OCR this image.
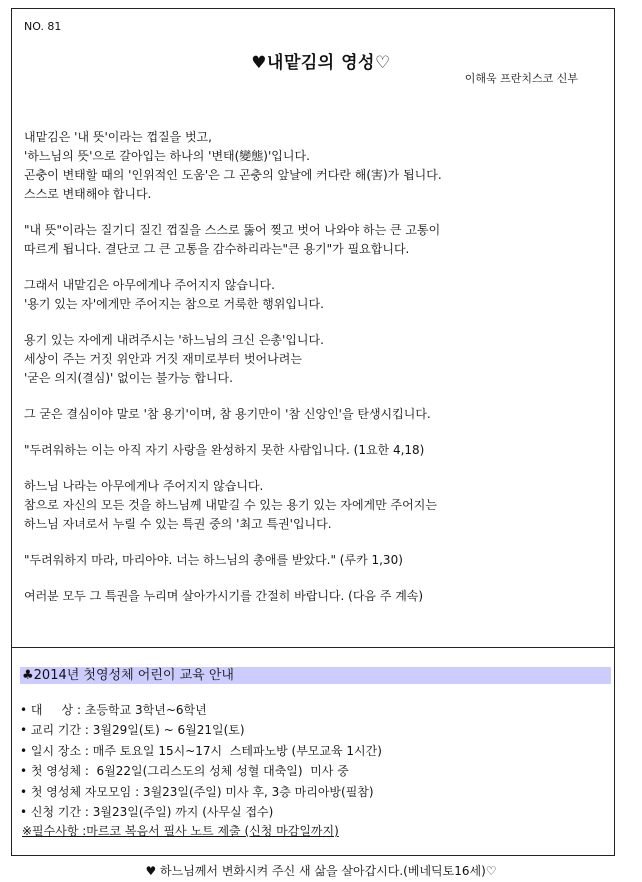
NO. 81
♥내맡김의 영성♡
이해욱 프란치스코 신부
내맡김은 '내 뜻'이라는 껍질을 벗고,
'하느님의 뜻'으로 갈아입는 하나의 '변태(變態)'입니다.
곤충이 변태할 때의 '인위적인 도움'은 그 곤충의 앞날에 커다란 해(害)가 됩니다.
스스로 변태해야 합니다.
"내 뜻"이라는 질기디 질긴 껍질을 스스로 뚫어 찢고 벗어 나와야 하는 큰 고통이
따르게 됩니다. 결단코 그 큰 고통을 감수하리라는"큰 용기"가 필요합니다.
그래서 내맡김은 아무에게나 주어지지 않습니다.
'용기 있는 자'에게만 주어지는 참으로 거룩한 행위입니다.
용기 있는 자에게 내려주시는 '하느님의 크신 은총'입니다.
세상이 주는 거짓 위안과 거짓 재미로부터 벗어나려는
'굳은 의지(결심)' 없이는 불가능 합니다.
그 굳은 결심이야 말로 '참 용기'이며, 참 용기만이 '참 신앙인'을 탄생시킵니다.
"두려워하는 이는 아직 자기 사랑을 완성하지 못한 사람입니다. (1요한 4,18)
하느님 나라는 아무에게나 주어지지 않습니다.
참으로 자신의 모든 것을 하느님께 내맡길 수 있는 용기 있는 자에게만 주어지는
하느님 자녀로서 누릴 수 있는 특권 중의 '최고 특권'입니다.
"두려워하지 마라, 마리아야. 너는 하느님의 총애를 받았다." (루카 1,30)
여러분 모두 그 특권을 누리며 살아가시기를 간절히 바랍니다. (다음 주 계속)
♣2014년 첫영성체 어린이 교육 안내
• 대     상 : 초등학교 3학년~6학년
• 교리 기간 : 3월29일(토) ~ 6월21일(토)
• 일시 장소 : 매주 토요일 15시~17시  스테파노방 (부모교육 1시간)
• 첫 영성체 :  6월22일(그리스도의 성체 성혈 대축일)  미사 중
• 첫 영성체 자모모임 : 3월23일(주일) 미사 후, 3층 마리아방(필참)
• 신청 기간 : 3월23일(주일) 까지 (사무실 접수)
※필수사항 :마르코 복음서 필사 노트 제출 (신청 마감일까지)
♥ 하느님께서 변화시켜 주신 새 삶을 살아갑시다.(베네딕토16세)♡
